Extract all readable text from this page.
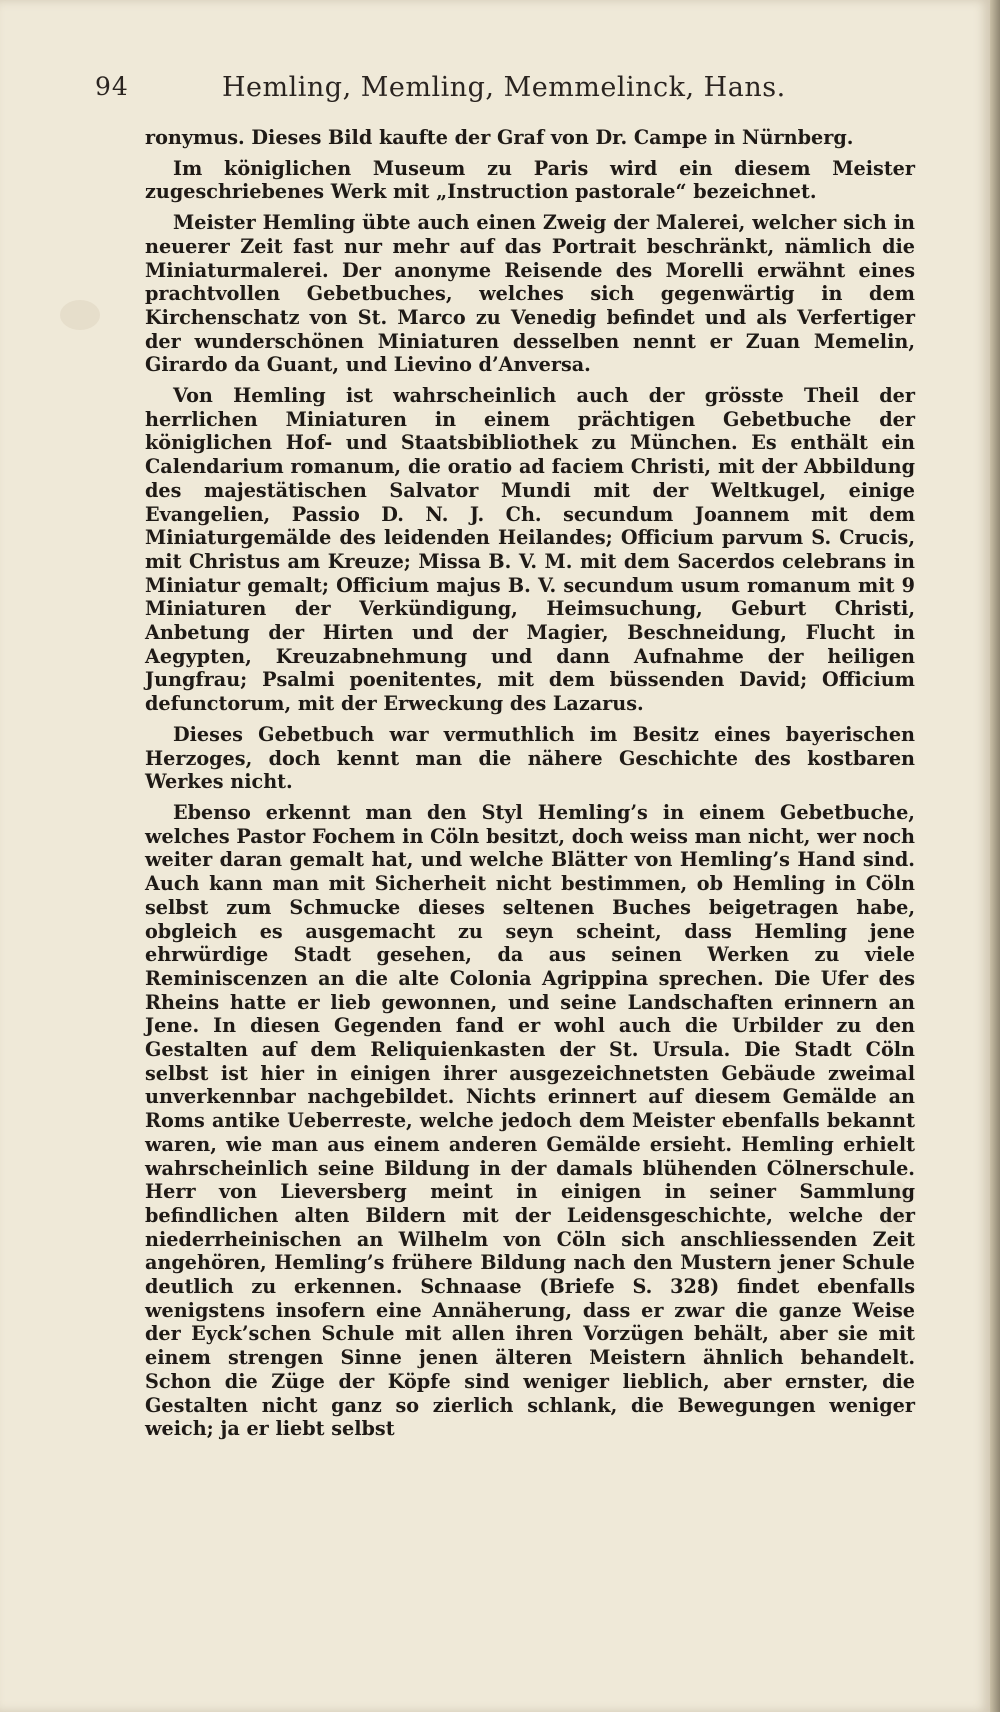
94	Hemling, Memling, Memmelinck, Hans.

ronymus. Dieses Bild kaufte der Graf von Dr. Campe in Nürnberg.

Im königlichen Museum zu Paris wird ein diesem Meister zugeschriebenes Werk mit „Instruction pastorale“ bezeichnet.

Meister Hemling übte auch einen Zweig der Malerei, welcher sich in neuerer Zeit fast nur mehr auf das Portrait beschränkt, nämlich die Miniaturmalerei. Der anonyme Reisende des Morelli erwähnt eines prachtvollen Gebetbuches, welches sich gegenwärtig in dem Kirchenschatz von St. Marco zu Venedig befindet und als Verfertiger der wunderschönen Miniaturen desselben nennt er Zuan Memelin, Girardo da Guant, und Lievino d’Anversa.

Von Hemling ist wahrscheinlich auch der grösste Theil der herrlichen Miniaturen in einem prächtigen Gebetbuche der königlichen Hof- und Staatsbibliothek zu München. Es enthält ein Calendarium romanum, die oratio ad faciem Christi, mit der Abbildung des majestätischen Salvator Mundi mit der Weltkugel, einige Evangelien, Passio D. N. J. Ch. secundum Joannem mit dem Miniaturgemälde des leidenden Heilandes; Officium parvum S. Crucis, mit Christus am Kreuze; Missa B. V. M. mit dem Sacerdos celebrans in Miniatur gemalt; Officium majus B. V. secundum usum romanum mit 9 Miniaturen der Verkündigung, Heimsuchung, Geburt Christi, Anbetung der Hirten und der Magier, Beschneidung, Flucht in Aegypten, Kreuzabnehmung und dann Aufnahme der heiligen Jungfrau; Psalmi poenitentes, mit dem büssenden David; Officium defunctorum, mit der Erweckung des Lazarus.

Dieses Gebetbuch war vermuthlich im Besitz eines bayerischen Herzoges, doch kennt man die nähere Geschichte des kostbaren Werkes nicht.

Ebenso erkennt man den Styl Hemling’s in einem Gebetbuche, welches Pastor Fochem in Cöln besitzt, doch weiss man nicht, wer noch weiter daran gemalt hat, und welche Blätter von Hemling’s Hand sind. Auch kann man mit Sicherheit nicht bestimmen, ob Hemling in Cöln selbst zum Schmucke dieses seltenen Buches beigetragen habe, obgleich es ausgemacht zu seyn scheint, dass Hemling jene ehrwürdige Stadt gesehen, da aus seinen Werken zu viele Reminiscenzen an die alte Colonia Agrippina sprechen. Die Ufer des Rheins hatte er lieb gewonnen, und seine Landschaften erinnern an Jene. In diesen Gegenden fand er wohl auch die Urbilder zu den Gestalten auf dem Reliquienkasten der St. Ursula. Die Stadt Cöln selbst ist hier in einigen ihrer ausgezeichnetsten Gebäude zweimal unverkennbar nachgebildet. Nichts erinnert auf diesem Gemälde an Roms antike Ueberreste, welche jedoch dem Meister ebenfalls bekannt waren, wie man aus einem anderen Gemälde ersieht. Hemling erhielt wahrscheinlich seine Bildung in der damals blühenden Cölnerschule. Herr von Lieversberg meint in einigen in seiner Sammlung befindlichen alten Bildern mit der Leidensgeschichte, welche der niederrheinischen an Wilhelm von Cöln sich anschliessenden Zeit angehören, Hemling’s frühere Bildung nach den Mustern jener Schule deutlich zu erkennen. Schnaase (Briefe S. 328) findet ebenfalls wenigstens insofern eine Annäherung, dass er zwar die ganze Weise der Eyck’schen Schule mit allen ihren Vorzügen behält, aber sie mit einem strengen Sinne jenen älteren Meistern ähnlich behandelt. Schon die Züge der Köpfe sind weniger lieblich, aber ernster, die Gestalten nicht ganz so zierlich schlank, die Bewegungen weniger weich; ja er liebt selbst
